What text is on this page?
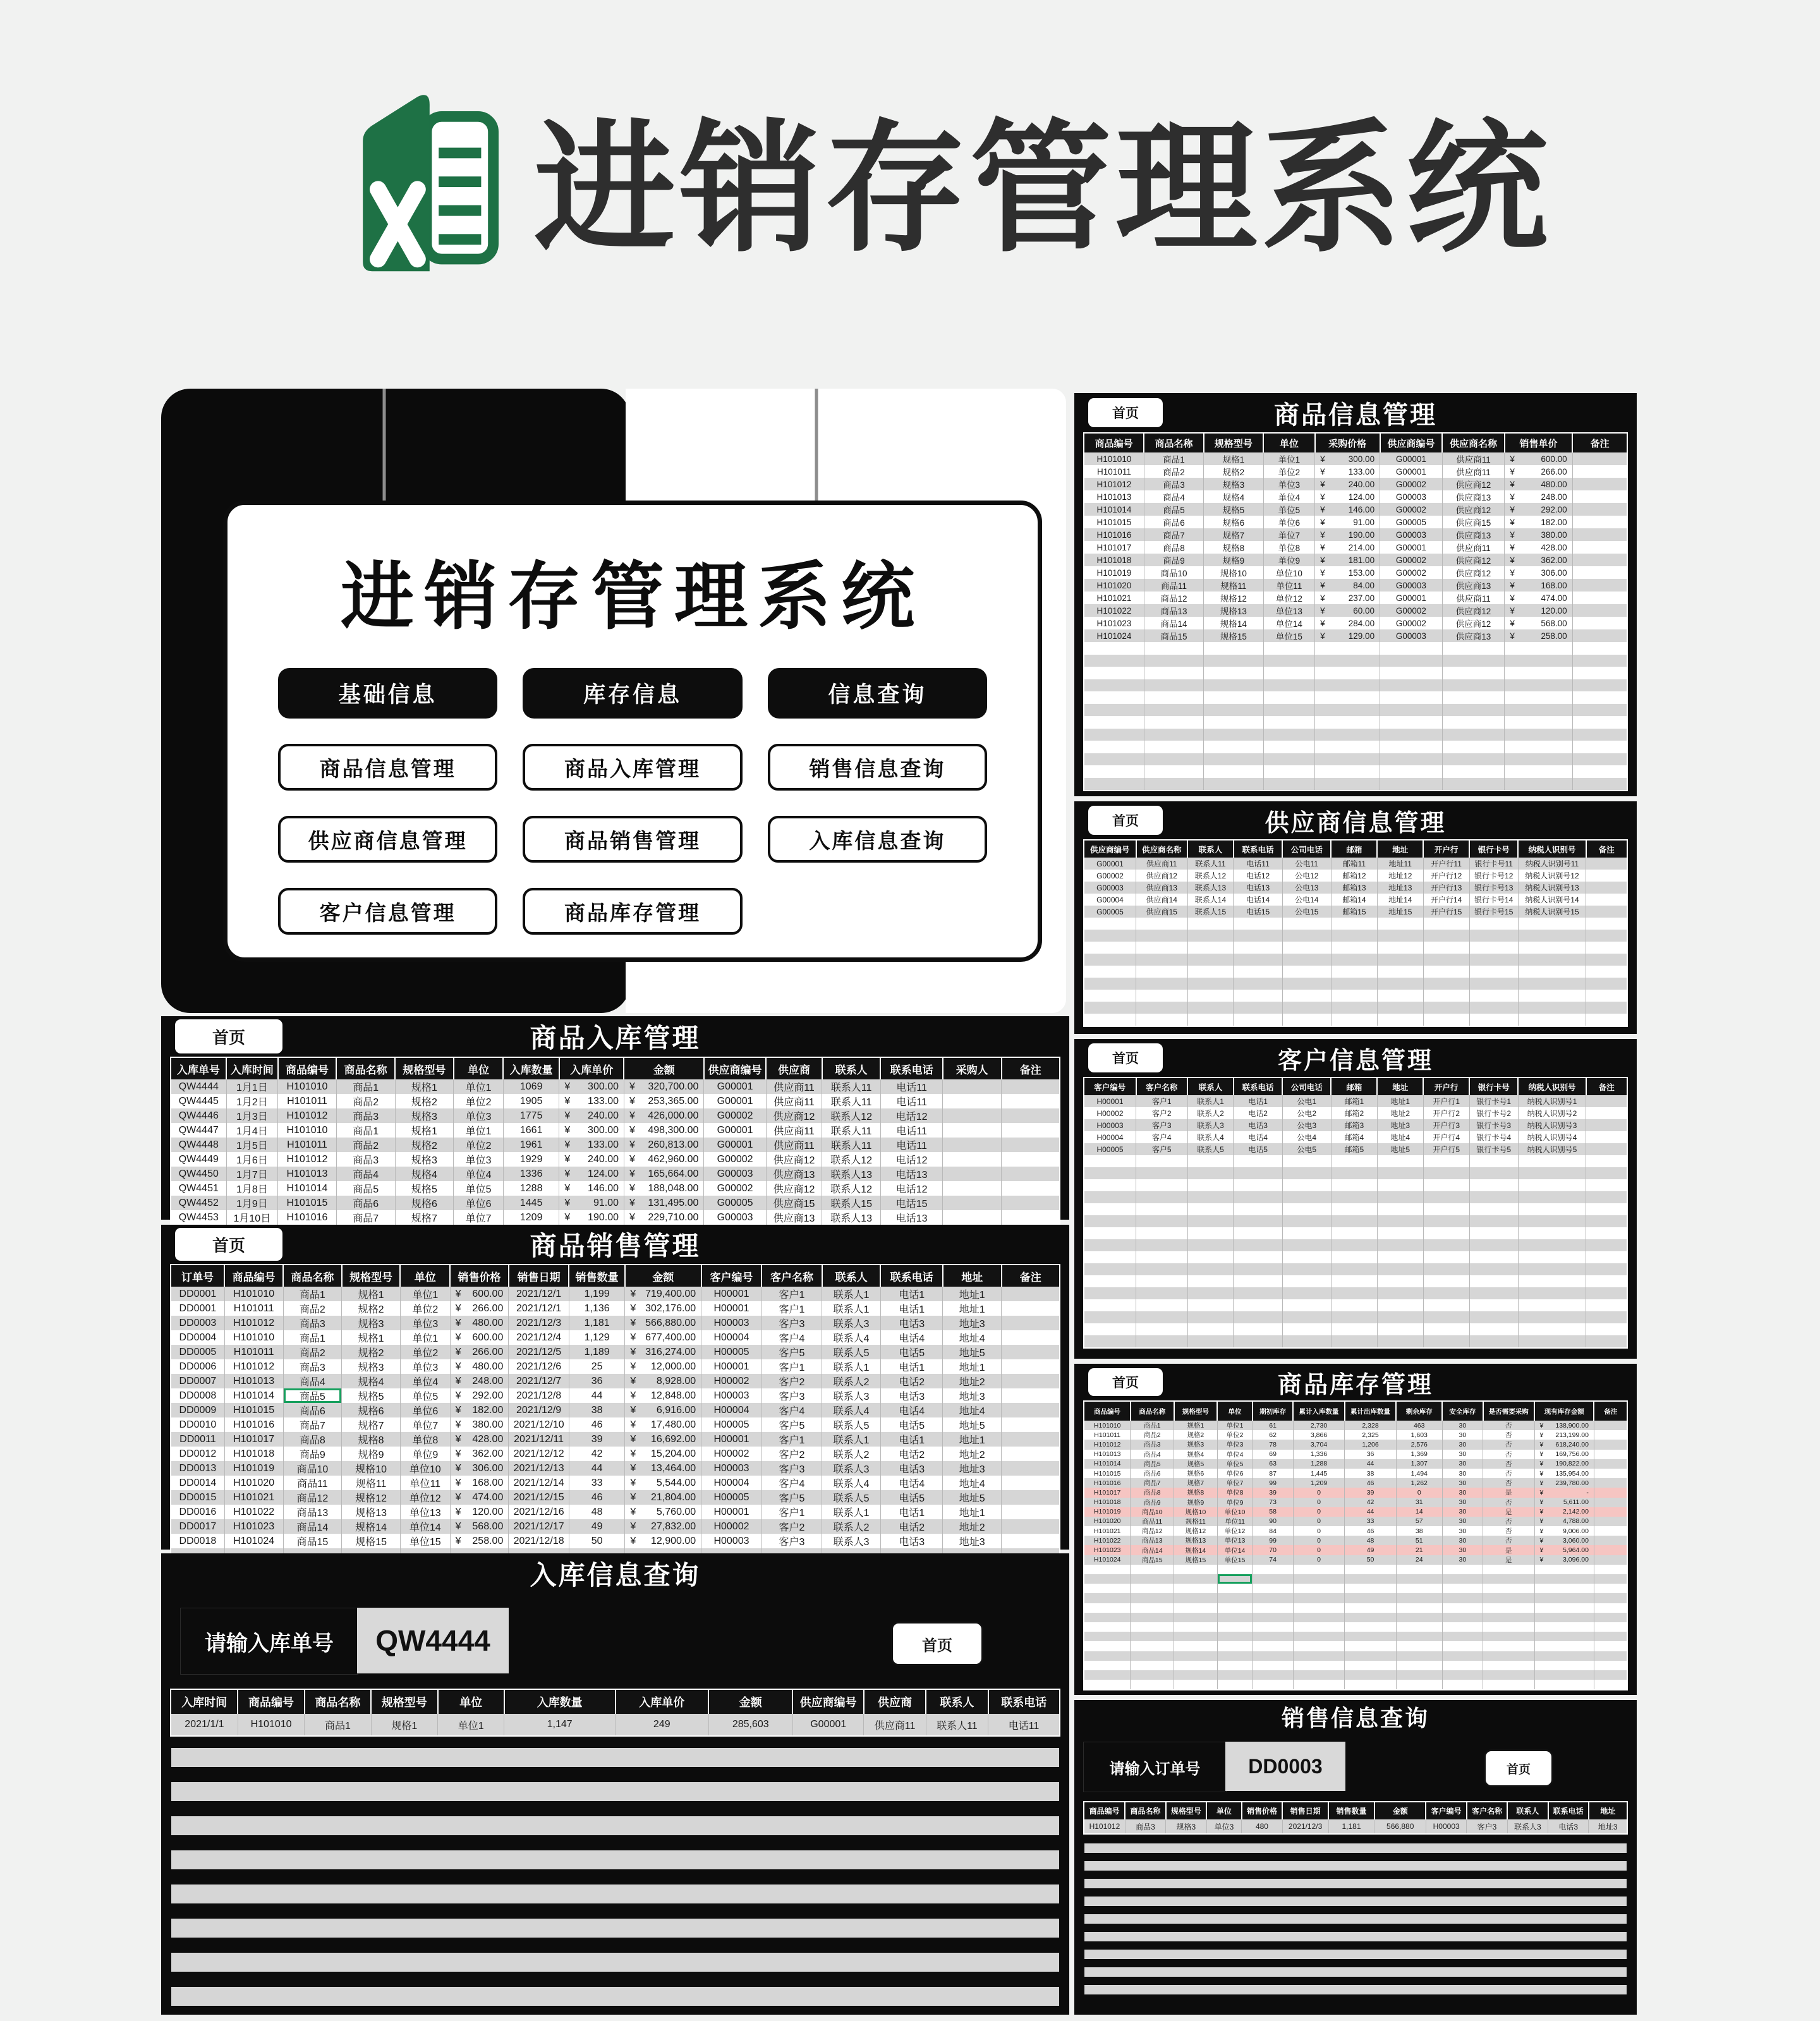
进销存管理系统
进销存管理系统
基础信息	库存信息	信息查询
商品信息管理	商品入库管理	销售信息查询
供应商信息管理	商品销售管理	入库信息查询
客户信息管理	商品库存管理
首页	商品入库管理
入库单号	入库时间	商品编号	商品名称	规格型号	单位	入库数量	入库单价	金额	供应商编号	供应商	联系人	联系电话	采购人	备注
QW4444	1月1日	H101010	商品1	规格1	单位1	1069	¥ 300.00	¥ 320,700.00	G00001	供应商11	联系人11	电话11		
QW4445	1月2日	H101011	商品2	规格2	单位2	1905	¥ 133.00	¥ 253,365.00	G00001	供应商11	联系人11	电话11		
QW4446	1月3日	H101012	商品3	规格3	单位3	1775	¥ 240.00	¥ 426,000.00	G00002	供应商12	联系人12	电话12		
QW4447	1月4日	H101010	商品1	规格1	单位1	1661	¥ 300.00	¥ 498,300.00	G00001	供应商11	联系人11	电话11		
QW4448	1月5日	H101011	商品2	规格2	单位2	1961	¥ 133.00	¥ 260,813.00	G00001	供应商11	联系人11	电话11		
QW4449	1月6日	H101012	商品3	规格3	单位3	1929	¥ 240.00	¥ 462,960.00	G00002	供应商12	联系人12	电话12		
QW4450	1月7日	H101013	商品4	规格4	单位4	1336	¥ 124.00	¥ 165,664.00	G00003	供应商13	联系人13	电话13		
QW4451	1月8日	H101014	商品5	规格5	单位5	1288	¥ 146.00	¥ 188,048.00	G00002	供应商12	联系人12	电话12		
QW4452	1月9日	H101015	商品6	规格6	单位6	1445	¥ 91.00	¥ 131,495.00	G00005	供应商15	联系人15	电话15		
QW4453	1月10日	H101016	商品7	规格7	单位7	1209	¥ 190.00	¥ 229,710.00	G00003	供应商13	联系人13	电话13		
首页	商品销售管理
订单号	商品编号	商品名称	规格型号	单位	销售价格	销售日期	销售数量	金额	客户编号	客户名称	联系人	联系电话	地址	备注
DD0001	H101010	商品1	规格1	单位1	¥ 600.00	2021/12/1	1,199	¥ 719,400.00	H00001	客户1	联系人1	电话1	地址1	
DD0001	H101011	商品2	规格2	单位2	¥ 266.00	2021/12/1	1,136	¥ 302,176.00	H00001	客户1	联系人1	电话1	地址1	
DD0003	H101012	商品3	规格3	单位3	¥ 480.00	2021/12/3	1,181	¥ 566,880.00	H00003	客户3	联系人3	电话3	地址3	
DD0004	H101010	商品1	规格1	单位1	¥ 600.00	2021/12/4	1,129	¥ 677,400.00	H00004	客户4	联系人4	电话4	地址4	
DD0005	H101011	商品2	规格2	单位2	¥ 266.00	2021/12/5	1,189	¥ 316,274.00	H00005	客户5	联系人5	电话5	地址5	
DD0006	H101012	商品3	规格3	单位3	¥ 480.00	2021/12/6	25	¥ 12,000.00	H00001	客户1	联系人1	电话1	地址1	
DD0007	H101013	商品4	规格4	单位4	¥ 248.00	2021/12/7	36	¥ 8,928.00	H00002	客户2	联系人2	电话2	地址2	
DD0008	H101014	商品5	规格5	单位5	¥ 292.00	2021/12/8	44	¥ 12,848.00	H00003	客户3	联系人3	电话3	地址3	
DD0009	H101015	商品6	规格6	单位6	¥ 182.00	2021/12/9	38	¥ 6,916.00	H00004	客户4	联系人4	电话4	地址4	
DD0010	H101016	商品7	规格7	单位7	¥ 380.00	2021/12/10	46	¥ 17,480.00	H00005	客户5	联系人5	电话5	地址5	
DD0011	H101017	商品8	规格8	单位8	¥ 428.00	2021/12/11	39	¥ 16,692.00	H00001	客户1	联系人1	电话1	地址1	
DD0012	H101018	商品9	规格9	单位9	¥ 362.00	2021/12/12	42	¥ 15,204.00	H00002	客户2	联系人2	电话2	地址2	
DD0013	H101019	商品10	规格10	单位10	¥ 306.00	2021/12/13	44	¥ 13,464.00	H00003	客户3	联系人3	电话3	地址3	
DD0014	H101020	商品11	规格11	单位11	¥ 168.00	2021/12/14	33	¥ 5,544.00	H00004	客户4	联系人4	电话4	地址4	
DD0015	H101021	商品12	规格12	单位12	¥ 474.00	2021/12/15	46	¥ 21,804.00	H00005	客户5	联系人5	电话5	地址5	
DD0016	H101022	商品13	规格13	单位13	¥ 120.00	2021/12/16	48	¥ 5,760.00	H00001	客户1	联系人1	电话1	地址1	
DD0017	H101023	商品14	规格14	单位14	¥ 568.00	2021/12/17	49	¥ 27,832.00	H00002	客户2	联系人2	电话2	地址2	
DD0018	H101024	商品15	规格15	单位15	¥ 258.00	2021/12/18	50	¥ 12,900.00	H00003	客户3	联系人3	电话3	地址3	

入库信息查询
请输入库单号	QW4444	首页
入库时间	商品编号	商品名称	规格型号	单位	入库数量	入库单价	金额	供应商编号	供应商	联系人	联系电话
2021/1/1	H101010	商品1	规格1	单位1	1,147	249	285,603	G00001	供应商11	联系人11	电话11
首页	商品信息管理
商品编号	商品名称	规格型号	单位	采购价格	供应商编号	供应商名称	销售单价	备注
H101010	商品1	规格1	单位1	¥ 300.00	G00001	供应商11	¥ 600.00	

H101011	商品2	规格2	单位2	¥ 133.00	G00001	供应商11	¥ 266.00	

H101012	商品3	规格3	单位3	¥ 240.00	G00002	供应商12	¥ 480.00	

H101013	商品4	规格4	单位4	¥ 124.00	G00003	供应商13	¥ 248.00	

H101014	商品5	规格5	单位5	¥ 146.00	G00002	供应商12	¥ 292.00	

H101015	商品6	规格6	单位6	¥ 91.00	G00005	供应商15	¥ 182.00	

H101016	商品7	规格7	单位7	¥ 190.00	G00003	供应商13	¥ 380.00	

H101017	商品8	规格8	单位8	¥ 214.00	G00001	供应商11	¥ 428.00	

H101018	商品9	规格9	单位9	¥ 181.00	G00002	供应商12	¥ 362.00	

H101019	商品10	规格10	单位10	¥ 153.00	G00002	供应商12	¥ 306.00	

H101020	商品11	规格11	单位11	¥ 84.00	G00003	供应商13	¥ 168.00	

H101021	商品12	规格12	单位12	¥ 237.00	G00001	供应商11	¥ 474.00	

H101022	商品13	规格13	单位13	¥ 60.00	G00002	供应商12	¥ 120.00	

H101023	商品14	规格14	单位14	¥ 284.00	G00002	供应商12	¥ 568.00	

H101024	商品15	规格15	单位15	¥ 129.00	G00003	供应商13	¥ 258.00	

首页	供应商信息管理
供应商编号	供应商名称	联系人	联系电话	公司电话	邮箱	地址	开户行	银行卡号	纳税人识别号	备注
G00001	供应商11	联系人11	电话11	公电11	邮箱11	地址11	开户行11	银行卡号11	纳税人识别号11	
G00002	供应商12	联系人12	电话12	公电12	邮箱12	地址12	开户行12	银行卡号12	纳税人识别号12	
G00003	供应商13	联系人13	电话13	公电13	邮箱13	地址13	开户行13	银行卡号13	纳税人识别号13	
G00004	供应商14	联系人14	电话14	公电14	邮箱14	地址14	开户行14	银行卡号14	纳税人识别号14	
G00005	供应商15	联系人15	电话15	公电15	邮箱15	地址15	开户行15	银行卡号15	纳税人识别号15	

首页	客户信息管理
客户编号	客户名称	联系人	联系电话	公司电话	邮箱	地址	开户行	银行卡号	纳税人识别号	备注
H00001	客户1	联系人1	电话1	公电1	邮箱1	地址1	开户行1	银行卡号1	纳税人识别号1	
H00002	客户2	联系人2	电话2	公电2	邮箱2	地址2	开户行2	银行卡号2	纳税人识别号2	
H00003	客户3	联系人3	电话3	公电3	邮箱3	地址3	开户行3	银行卡号3	纳税人识别号3	
H00004	客户4	联系人4	电话4	公电4	邮箱4	地址4	开户行4	银行卡号4	纳税人识别号4	
H00005	客户5	联系人5	电话5	公电5	邮箱5	地址5	开户行5	银行卡号5	纳税人识别号5	

首页	商品库存管理
商品编号	商品名称	规格型号	单位	期初库存	累计入库数量	累计出库数量	剩余库存	安全库存	是否需要采购	现有库存金额	备注
H101010	商品1	规格1	单位1	61	2,730	2,328	463	30	否	¥ 138,900.00	

H101011	商品2	规格2	单位2	62	3,866	2,325	1,603	30	否	¥ 213,199.00	

H101012	商品3	规格3	单位3	78	3,704	1,206	2,576	30	否	¥ 618,240.00	

H101013	商品4	规格4	单位4	69	1,336	36	1,369	30	否	¥ 169,756.00	

H101014	商品5	规格5	单位5	63	1,288	44	1,307	30	否	¥ 190,822.00	

H101015	商品6	规格6	单位6	87	1,445	38	1,494	30	否	¥ 135,954.00	

H101016	商品7	规格7	单位7	99	1,209	46	1,262	30	否	¥ 239,780.00	

H101017	商品8	规格8	单位8	39	0	39	0	30	是	¥ -	

H101018	商品9	规格9	单位9	73	0	42	31	30	否	¥ 5,611.00	

H101019	商品10	规格10	单位10	58	0	44	14	30	是	¥ 2,142.00	

H101020	商品11	规格11	单位11	90	0	33	57	30	否	¥ 4,788.00	

H101021	商品12	规格12	单位12	84	0	46	38	30	否	¥ 9,006.00	

H101022	商品13	规格13	单位13	99	0	48	51	30	否	¥ 3,060.00	

H101023	商品14	规格14	单位14	70	0	49	21	30	是	¥ 5,964.00	

H101024	商品15	规格15	单位15	74	0	50	24	30	是	¥ 3,096.00	

销售信息查询
请输入订单号	DD0003	首页
商品编号	商品名称	规格型号	单位	销售价格	销售日期	销售数量	金额	客户编号	客户名称	联系人	联系电话	地址
H101012	商品3	规格3	单位3	480	2021/12/3	1,181	566,880	H00003	客户3	联系人3	电话3	地址3
